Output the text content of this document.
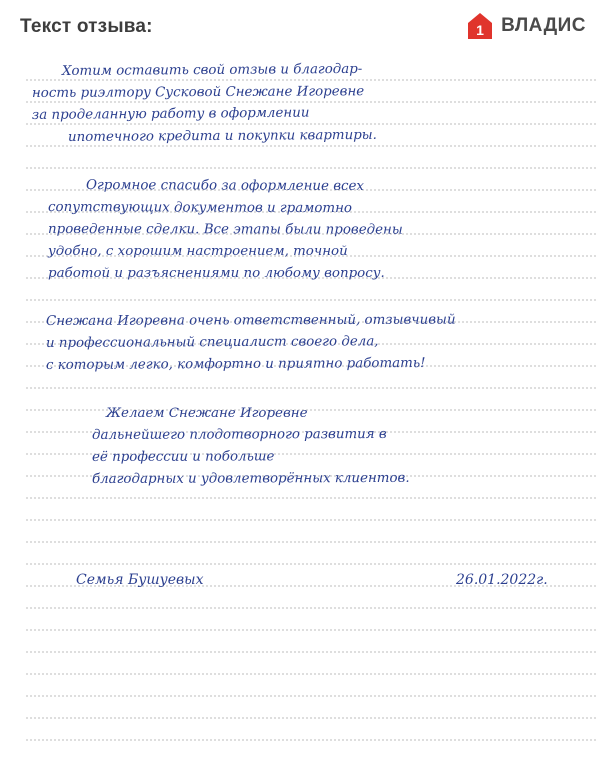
Текст отзыва:	1 ВЛАДИС
Хотим оставить свой отзыв и благодар-
ность риэлтору Сусковой Снежане Игоревне
за проделанную работу в оформлении
ипотечного кредита и покупки квартиры.
Огромное спасибо за оформление всех
сопутствующих документов и грамотно
проведенные сделки. Все этапы были проведены
удобно, с хорошим настроением, точной
работой и разъяснениями по любому вопросу.
Снежана Игоревна очень ответственный, отзывчивый
и профессиональный специалист своего дела,
с которым легко, комфортно и приятно работать!
Желаем Снежане Игоревне
дальнейшего плодотворного развития в
её профессии и побольше
благодарных и удовлетворённых клиентов.
Семья Бушуевых	26.01.2022г.
